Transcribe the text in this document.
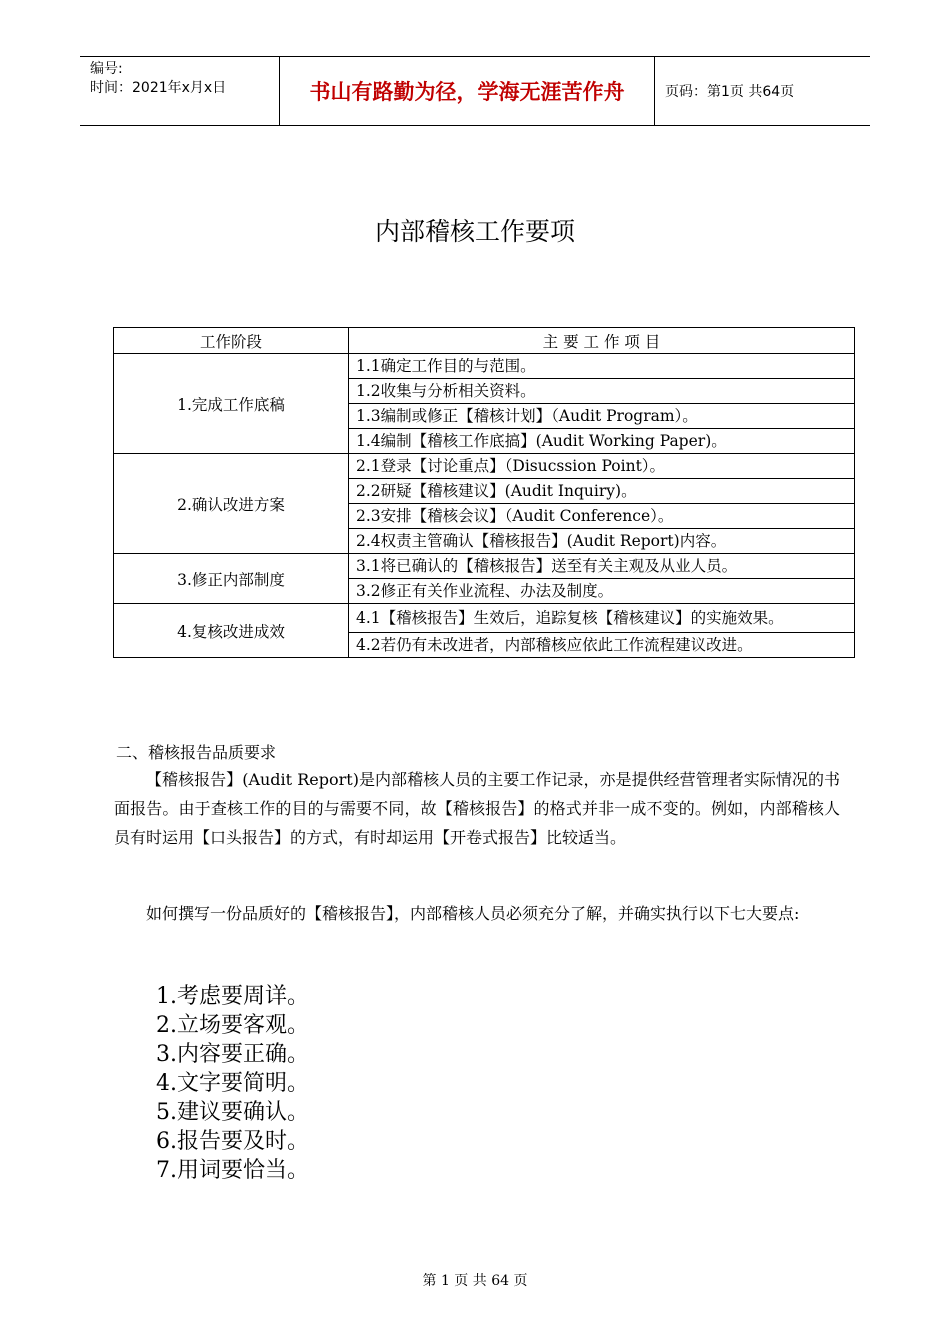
编号:
时间：2021年x月x日	书山有路勤为径，学海无涯苦作舟	页码：第1页 共64页
内部稽核工作要项
工作阶段	主 要 工 作 项 目
1.完成工作底稿	1.1确定工作目的与范围。
	1.2收集与分析相关资料。
	1.3编制或修正【稽核计划】（Audit Program）。
	1.4编制【稽核工作底搞】(Audit Working Paper)。
2.确认改进方案	2.1登录【讨论重点】（Disucssion Point）。
	2.2研疑【稽核建议】(Audit Inquiry)。
	2.3安排【稽核会议】（Audit Conference）。
	2.4权责主管确认【稽核报告】(Audit Report)内容。
3.修正内部制度	3.1将已确认的【稽核报告】送至有关主观及从业人员。
	3.2修正有关作业流程、办法及制度。
4.复核改进成效	4.1【稽核报告】生效后，追踪复核【稽核建议】的实施效果。
	4.2若仍有未改进者，内部稽核应依此工作流程建议改进。
二、稽核报告品质要求
【稽核报告】(Audit Report)是内部稽核人员的主要工作记录，亦是提供经营管理者实际情况的书面报告。由于查核工作的目的与需要不同，故【稽核报告】的格式并非一成不变的。例如，内部稽核人员有时运用【口头报告】的方式，有时却运用【开卷式报告】比较适当。
如何撰写一份品质好的【稽核报告】，内部稽核人员必须充分了解，并确实执行以下七大要点:
1.考虑要周详。
2.立场要客观。
3.内容要正确。
4.文字要简明。
5.建议要确认。
6.报告要及时。
7.用词要恰当。
第 1 页 共 64 页
